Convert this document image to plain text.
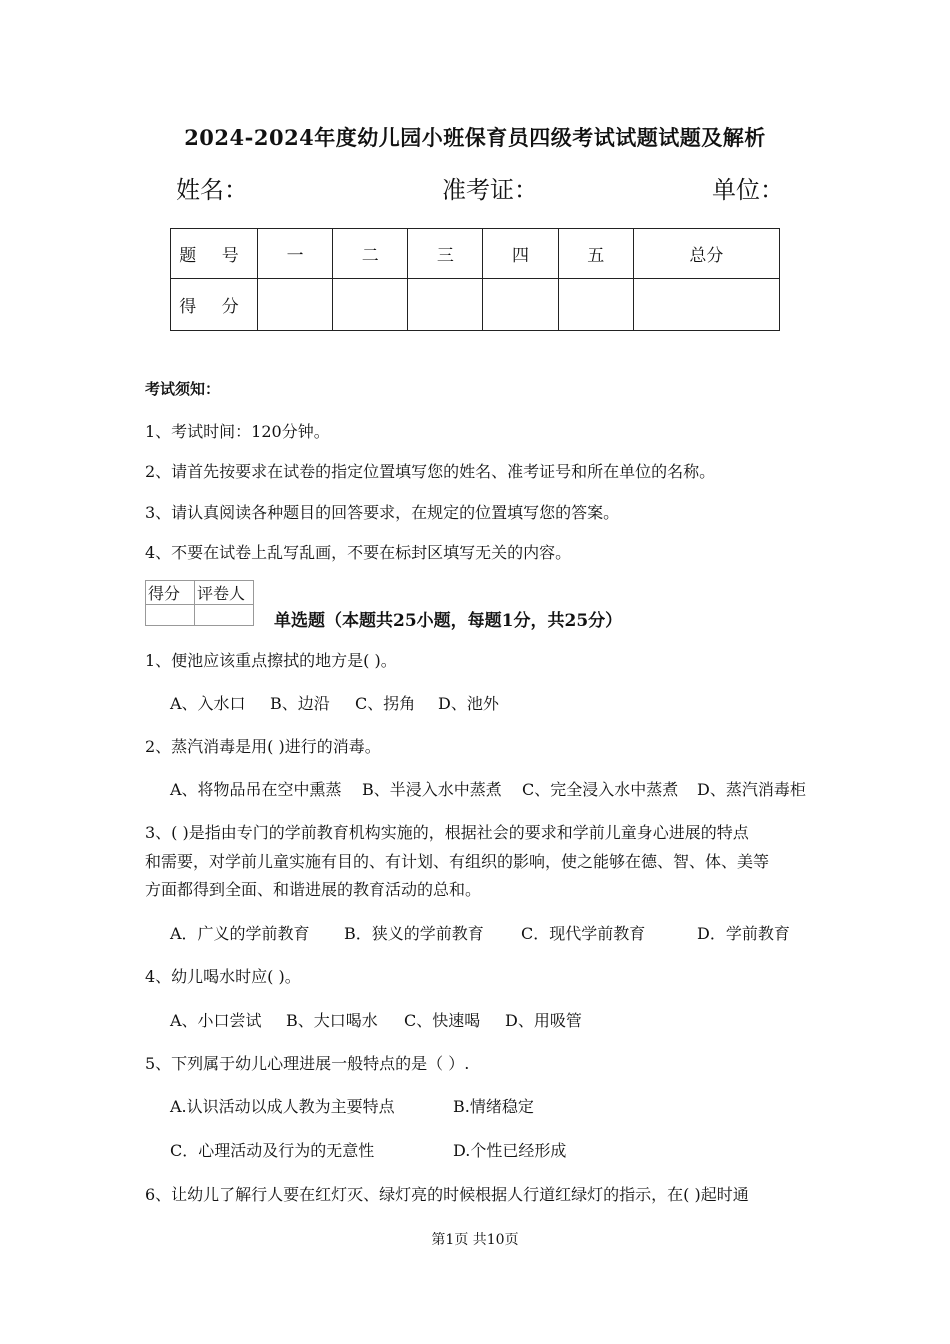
2024-2024年度幼儿园小班保育员四级考试试题试题及解析
姓名：	准考证：	单位：
题 号	一	二	三	四	五	总分
得 分						
考试须知：
1、考试时间：120分钟。
2、请首先按要求在试卷的指定位置填写您的姓名、准考证号和所在单位的名称。
3、请认真阅读各种题目的回答要求，在规定的位置填写您的答案。
4、不要在试卷上乱写乱画，不要在标封区填写无关的内容。
得分	评卷人

单选题（本题共25小题，每题1分，共25分）
1、便池应该重点擦拭的地方是( )。
A、入水口 B、边沿 C、拐角 D、池外
2、蒸汽消毒是用( )进行的消毒。
A、将物品吊在空中熏蒸 B、半浸入水中蒸煮 C、完全浸入水中蒸煮 D、蒸汽消毒柜
3、( )是指由专门的学前教育机构实施的，根据社会的要求和学前儿童身心进展的特点
和需要，对学前儿童实施有目的、有计划、有组织的影响，使之能够在德、智、体、美等
方面都得到全面、和谐进展的教育活动的总和。
A．广义的学前教育 B．狭义的学前教育 C．现代学前教育	D．学前教育
4、幼儿喝水时应( )。
A、小口尝试 B、大口喝水 C、快速喝 D、用吸管
5、下列属于幼儿心理进展一般特点的是（ ）.
A.认识活动以成人教为主要特点	B.情绪稳定
C．心理活动及行为的无意性	D.个性已经形成
6、让幼儿了解行人要在红灯灭、绿灯亮的时候根据人行道红绿灯的指示，在( )起时通
第1页 共10页
